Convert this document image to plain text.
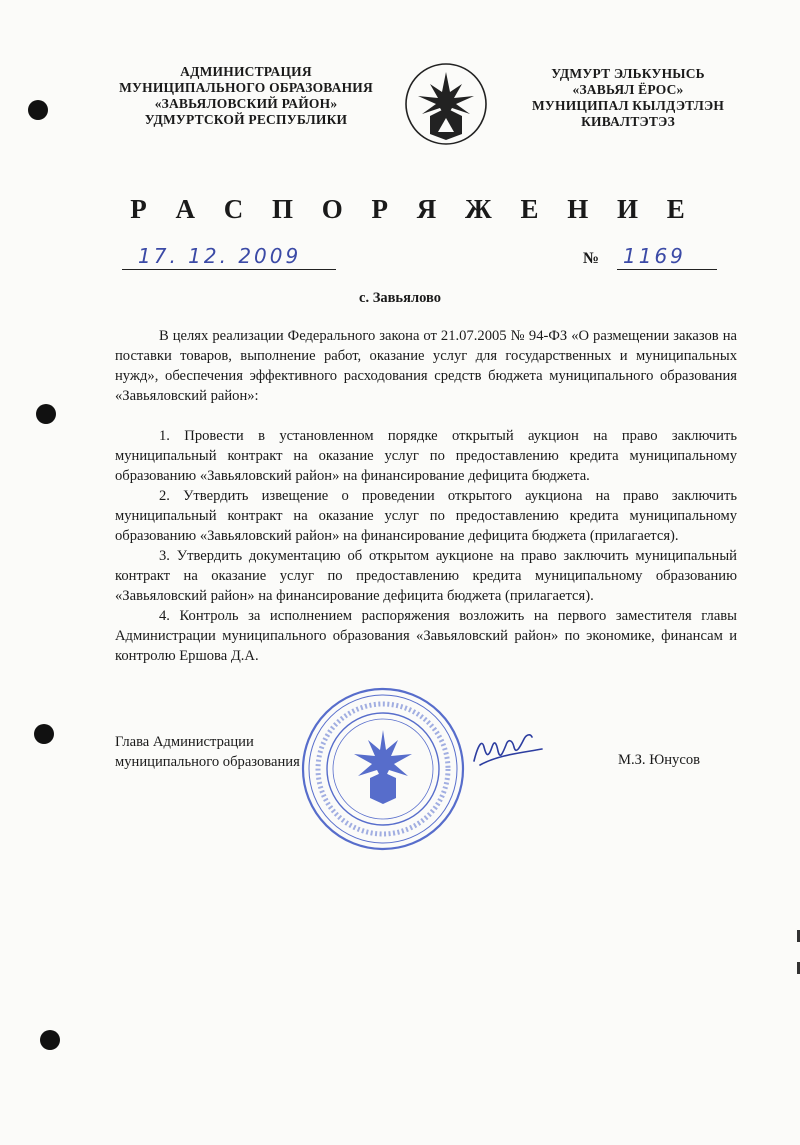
АДМИНИСТРАЦИЯ
МУНИЦИПАЛЬНОГО ОБРАЗОВАНИЯ
«ЗАВЬЯЛОВСКИЙ РАЙОН»
УДМУРТСКОЙ РЕСПУБЛИКИ
УДМУРТ ЭЛЬКУНЫСЬ
«ЗАВЬЯЛ ЁРОС»
МУНИЦИПАЛ КЫЛДЭТЛЭН
КИВАЛТЭТЭЗ
Р А С П О Р Я Ж Е Н И Е
17. 12. 2009	№ 1169
с. Завьялово

В целях реализации Федерального закона от 21.07.2005 № 94-ФЗ «О размещении заказов на поставки товаров, выполнение работ, оказание услуг для государственных и муниципальных нужд», обеспечения эффективного расходования средств бюджета муниципального образования «Завьяловский район»:

1. Провести в установленном порядке открытый аукцион на право заключить муниципальный контракт на оказание услуг по предоставлению кредита муниципальному образованию «Завьяловский район» на финансирование дефицита бюджета.

2. Утвердить извещение о проведении открытого аукциона на право заключить муниципальный контракт на оказание услуг по предоставлению кредита муниципальному образованию «Завьяловский район» на финансирование дефицита бюджета (прилагается).

3. Утвердить документацию об открытом аукционе на право заключить муниципальный контракт на оказание услуг по предоставлению кредита муниципальному образованию «Завьяловский район» на финансирование дефицита бюджета (прилагается).

4. Контроль за исполнением распоряжения возложить на первого заместителя главы Администрации муниципального образования «Завьяловский район» по экономике, финансам и контролю Ершова Д.А.

Глава Администрации
муниципального образования	М.З. Юнусов
